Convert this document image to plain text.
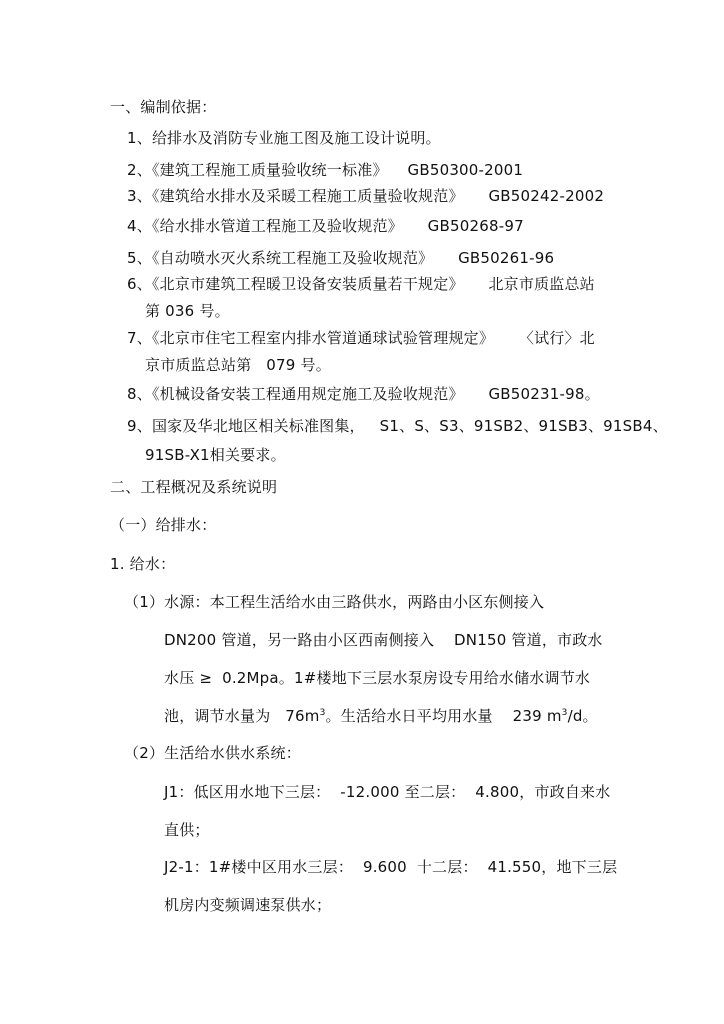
一、编制依据：

1、给排水及消防专业施工图及施工设计说明。

2、《建筑工程施工质量验收统一标准》    GB50300-2001

3、《建筑给水排水及采暖工程施工质量验收规范》     GB50242-2002

4、《给水排水管道工程施工及验收规范》     GB50268-97

5、《自动喷水灭火系统工程施工及验收规范》     GB50261-96

6、《北京市建筑工程暖卫设备安装质量若干规定》     北京市质监总站

第 036 号。

7、《北京市住宅工程室内排水管道通球试验管理规定》     〈试行〉北

京市质监总站第   079 号。

8、《机械设备安装工程通用规定施工及验收规范》     GB50231-98。

9、国家及华北地区相关标准图集，   S1、S、S3、91SB2、91SB3、91SB4、

91SB-X1相关要求。

二、工程概况及系统说明

（一）给排水：

1. 给水：

（1）水源：本工程生活给水由三路供水，两路由小区东侧接入

DN200 管道，另一路由小区西南侧接入    DN150 管道，市政水

水压 ≥  0.2Mpa。1#楼地下三层水泵房设专用给水储水调节水

池，调节水量为   $76m^3$。生活给水日平均用水量    239 $m^3/d$。

（2）生活给水供水系统：

J1：低区用水地下三层：  -12.000 至二层：  4.800，市政自来水

直供；

J2-1：1#楼中区用水三层：  9.600  十二层：  41.550，地下三层

机房内变频调速泵供水；
